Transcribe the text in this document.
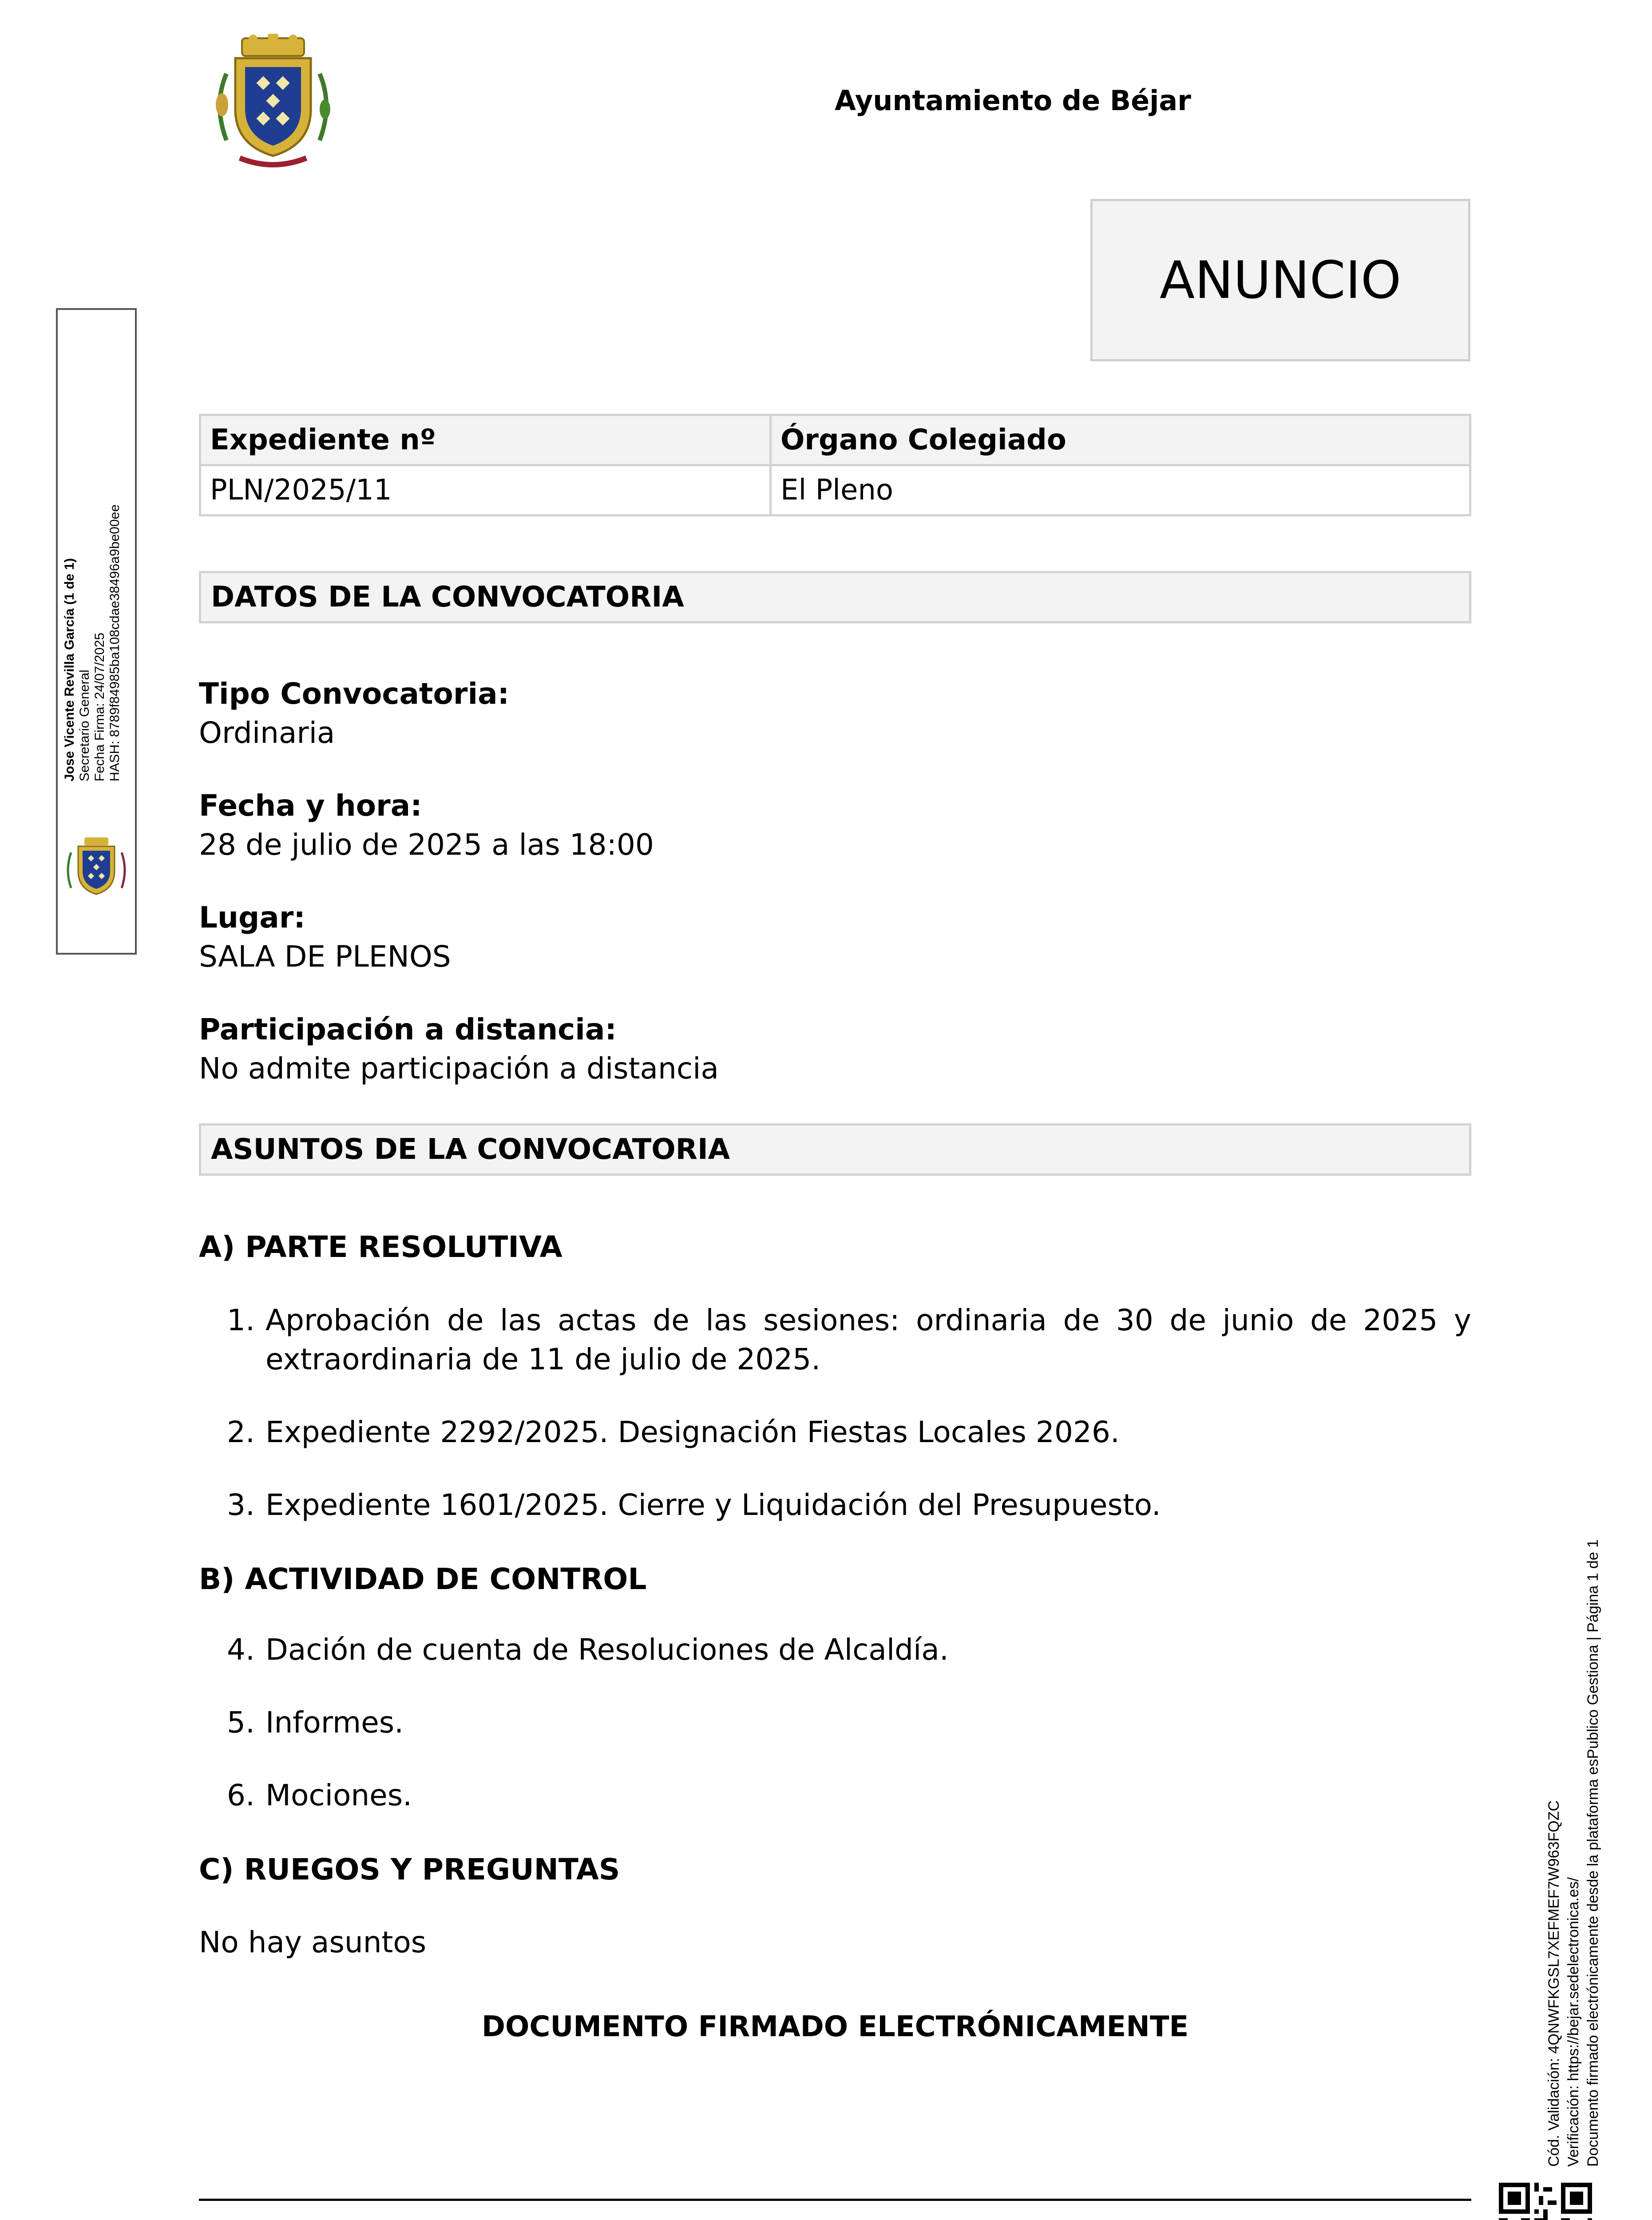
Ayuntamiento de Béjar
ANUNCIO
Expediente nº	Órgano Colegiado
PLN/2025/11	El Pleno
DATOS DE LA CONVOCATORIA
Tipo Convocatoria:
Ordinaria
Fecha y hora:
28 de julio de 2025 a las 18:00
Lugar:
SALA DE PLENOS
Participación a distancia:
No admite participación a distancia
ASUNTOS DE LA CONVOCATORIA
A) PARTE RESOLUTIVA
1. Aprobación de las actas de las sesiones: ordinaria de 30 de junio de 2025 y extraordinaria de 11 de julio de 2025.
2. Expediente 2292/2025. Designación Fiestas Locales 2026.
3. Expediente 1601/2025. Cierre y Liquidación del Presupuesto.
B) ACTIVIDAD DE CONTROL
4. Dación de cuenta de Resoluciones de Alcaldía.
5. Informes.
6. Mociones.
C) RUEGOS Y PREGUNTAS
No hay asuntos
DOCUMENTO FIRMADO ELECTRÓNICAMENTE
Jose Vicente Revilla García (1 de 1) Secretario General Fecha Firma: 24/07/2025 HASH: 8789f84985ba108cdae38496a9be00ee
Cód. Validación: 4QNWFKGSL7XEFMEF7W963FQZC Verificación: https://bejar.sedelectronica.es/ Documento firmado electrónicamente desde la plataforma esPublico Gestiona | Página 1 de 1
